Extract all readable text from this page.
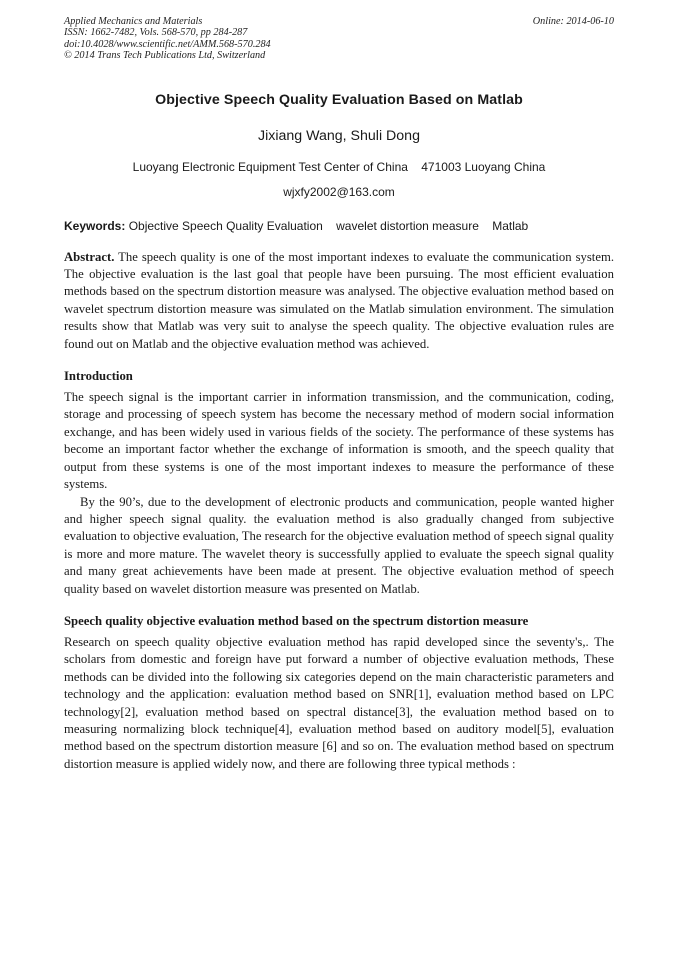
Applied Mechanics and Materials
ISSN: 1662-7482, Vols. 568-570, pp 284-287
doi:10.4028/www.scientific.net/AMM.568-570.284
© 2014 Trans Tech Publications Ltd, Switzerland
Online: 2014-06-10
Objective Speech Quality Evaluation Based on Matlab
Jixiang Wang, Shuli Dong
Luoyang Electronic Equipment Test Center of China    471003 Luoyang China
wjxfy2002@163.com
Keywords: Objective Speech Quality Evaluation    wavelet distortion measure    Matlab

Abstract. The speech quality is one of the most important indexes to evaluate the communication system. The objective evaluation is the last goal that people have been pursuing. The most efficient evaluation methods based on the spectrum distortion measure was analysed. The objective evaluation method based on wavelet spectrum distortion measure was simulated on the Matlab simulation environment. The simulation results show that Matlab was very suit to analyse the speech quality. The objective evaluation rules are found out on Matlab and the objective evaluation method was achieved.

Introduction

The speech signal is the important carrier in information transmission, and the communication, coding, storage and processing of speech system has become the necessary method of modern social information exchange, and has been widely used in various fields of the society. The performance of these systems has become an important factor whether the exchange of information is smooth, and the speech quality that output from these systems is one of the most important indexes to measure the performance of these systems.

By the 90’s, due to the development of electronic products and communication, people wanted higher and higher speech signal quality. the evaluation method is also gradually changed from subjective evaluation to objective evaluation, The research for the objective evaluation method of speech signal quality is more and more mature. The wavelet theory is successfully applied to evaluate the speech signal quality and many great achievements have been made at present. The objective evaluation method of speech quality based on wavelet distortion measure was presented on Matlab.

Speech quality objective evaluation method based on the spectrum distortion measure

Research on speech quality objective evaluation method has rapid developed since the seventy's,. The scholars from domestic and foreign have put forward a number of objective evaluation methods, These methods can be divided into the following six categories depend on the main characteristic parameters and technology and the application: evaluation method based on SNR[1], evaluation method based on LPC technology[2], evaluation method based on spectral distance[3], the evaluation method based on to measuring normalizing block technique[4], evaluation method based on auditory model[5], evaluation method based on the spectrum distortion measure [6] and so on. The evaluation method based on spectrum distortion measure is applied widely now, and there are following three typical methods :
